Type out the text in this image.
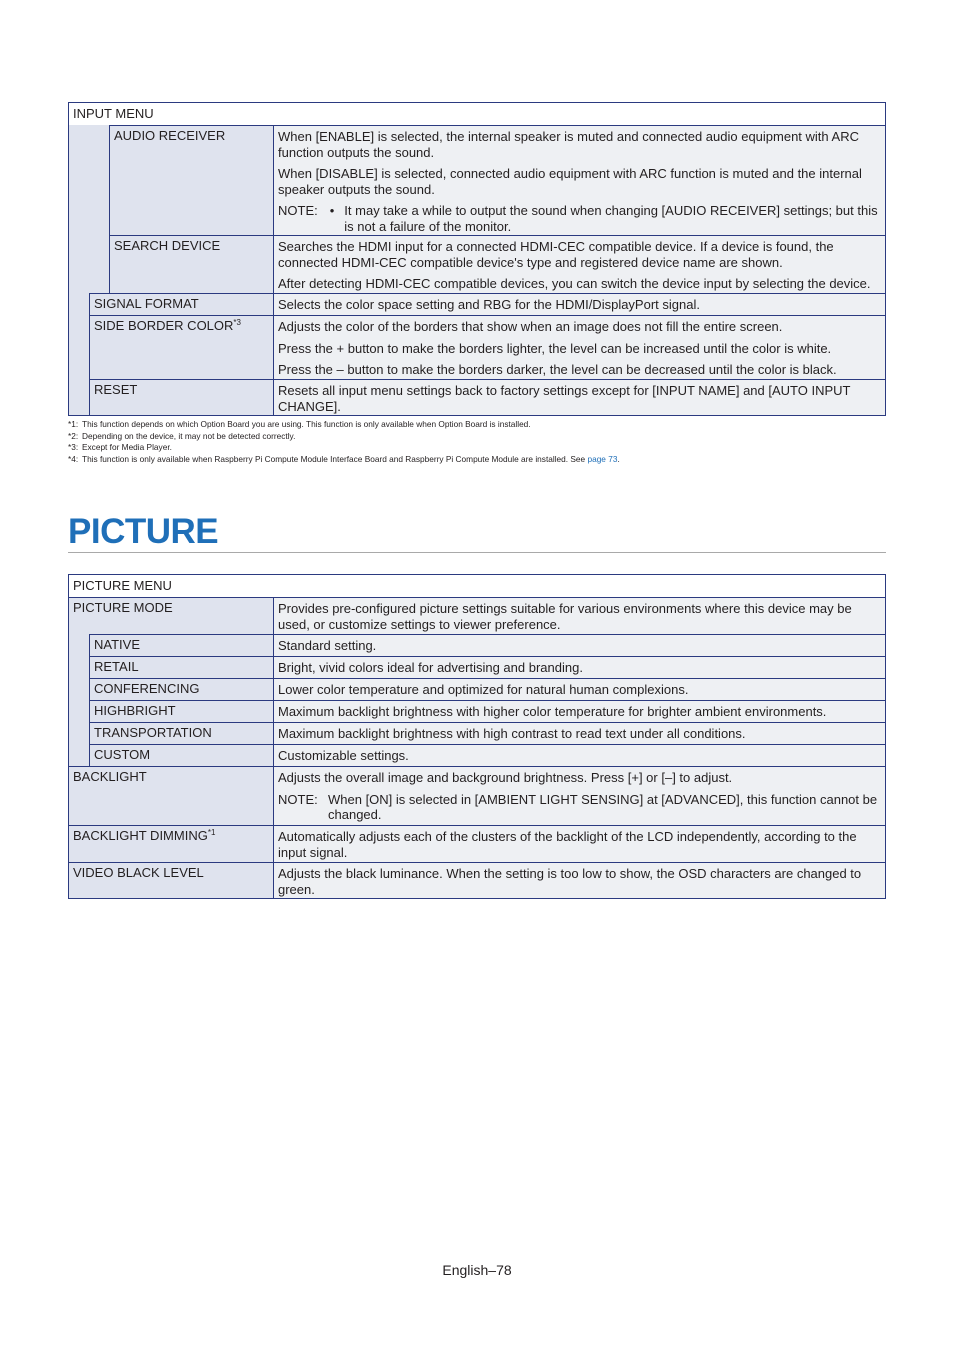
INPUT MENU
AUDIO RECEIVER	When [ENABLE] is selected, the internal speaker is muted and connected audio equipment with ARC function outputs the sound.

When [DISABLE] is selected, connected audio equipment with ARC function is muted and the internal speaker outputs the sound.

NOTE: • It may take a while to output the sound when changing [AUDIO RECEIVER] settings; but this is not a failure of the monitor.

SEARCH DEVICE	Searches the HDMI input for a connected HDMI-CEC compatible device. If a device is found, the connected HDMI-CEC compatible device's type and registered device name are shown.

After detecting HDMI-CEC compatible devices, you can switch the device input by selecting the device.

SIGNAL FORMAT	Selects the color space setting and RBG for the HDMI/DisplayPort signal.

SIDE BORDER COLOR$^{*3}$	Adjusts the color of the borders that show when an image does not fill the entire screen.

Press the + button to make the borders lighter, the level can be increased until the color is white.

Press the – button to make the borders darker, the level can be decreased until the color is black.

RESET	Resets all input menu settings back to factory settings except for [INPUT NAME] and [AUTO INPUT CHANGE].

*1: This function depends on which Option Board you are using. This function is only available when Option Board is installed.
*2: Depending on the device, it may not be detected correctly.
*3: Except for Media Player.
*4: This function is only available when Raspberry Pi Compute Module Interface Board and Raspberry Pi Compute Module are installed. See page 73.
PICTURE
PICTURE MENU
PICTURE MODE	Provides pre-configured picture settings suitable for various environments where this device may be used, or customize settings to viewer preference.

NATIVE	Standard setting.

RETAIL	Bright, vivid colors ideal for advertising and branding.

CONFERENCING	Lower color temperature and optimized for natural human complexions.

HIGHBRIGHT	Maximum backlight brightness with higher color temperature for brighter ambient environments.

TRANSPORTATION	Maximum backlight brightness with high contrast to read text under all conditions.

CUSTOM	Customizable settings.

BACKLIGHT	Adjusts the overall image and background brightness. Press [+] or [–] to adjust.

NOTE: When [ON] is selected in [AMBIENT LIGHT SENSING] at [ADVANCED], this function cannot be changed.

BACKLIGHT DIMMING$^{*1}$	Automatically adjusts each of the clusters of the backlight of the LCD independently, according to the input signal.

VIDEO BLACK LEVEL	Adjusts the black luminance. When the setting is too low to show, the OSD characters are changed to green.

English–78
